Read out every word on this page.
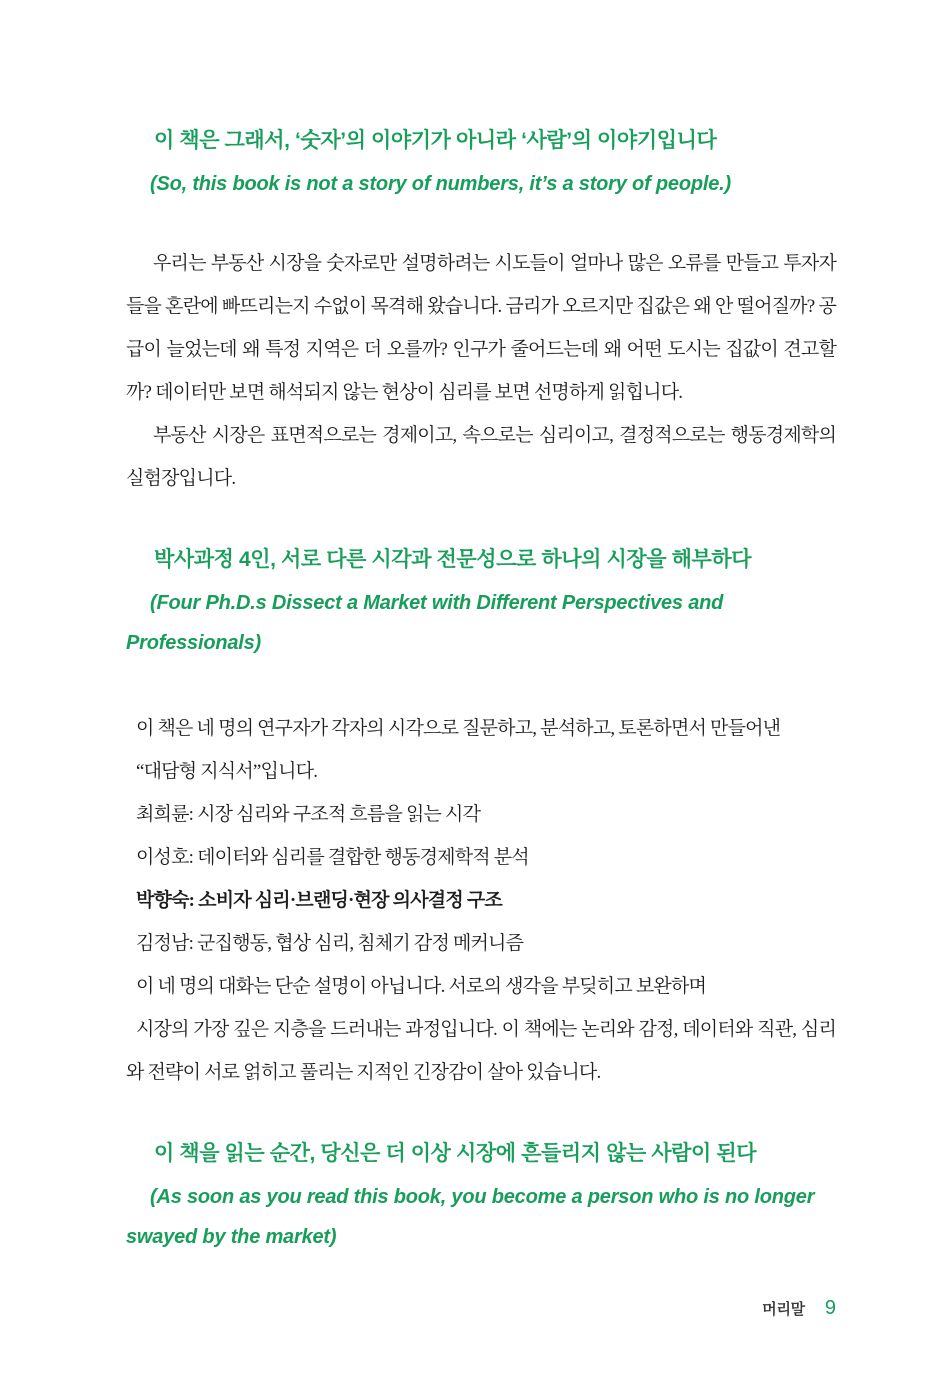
이 책은 그래서, ‘숫자’의 이야기가 아니라 ‘사람’의 이야기입니다
(So, this book is not a story of numbers, it’s a story of people.)

우리는 부동산 시장을 숫자로만 설명하려는 시도들이 얼마나 많은 오류를 만들고 투자자들을 혼란에 빠뜨리는지 수없이 목격해 왔습니다. 금리가 오르지만 집값은 왜 안 떨어질까? 공급이 늘었는데 왜 특정 지역은 더 오를까? 인구가 줄어드는데 왜 어떤 도시는 집값이 견고할까? 데이터만 보면 해석되지 않는 현상이 심리를 보면 선명하게 읽힙니다.

부동산 시장은 표면적으로는 경제이고, 속으로는 심리이고, 결정적으로는 행동경제학의 실험장입니다.

박사과정 4인, 서로 다른 시각과 전문성으로 하나의 시장을 해부하다
(Four Ph.D.s Dissect a Market with Different Perspectives and Professionals)
이 책은 네 명의 연구자가 각자의 시각으로 질문하고, 분석하고, 토론하면서 만들어낸
“대담형 지식서”입니다.
최희륜: 시장 심리와 구조적 흐름을 읽는 시각
이성호: 데이터와 심리를 결합한 행동경제학적 분석
박향숙: 소비자 심리·브랜딩·현장 의사결정 구조
김정남: 군집행동, 협상 심리, 침체기 감정 메커니즘
이 네 명의 대화는 단순 설명이 아닙니다. 서로의 생각을 부딪히고 보완하며
시장의 가장 깊은 지층을 드러내는 과정입니다. 이 책에는 논리와 감정, 데이터와 직관, 심리와 전략이 서로 얽히고 풀리는 지적인 긴장감이 살아 있습니다.
이 책을 읽는 순간, 당신은 더 이상 시장에 흔들리지 않는 사람이 된다
(As soon as you read this book, you become a person who is no longer swayed by the market)
머리말 9
